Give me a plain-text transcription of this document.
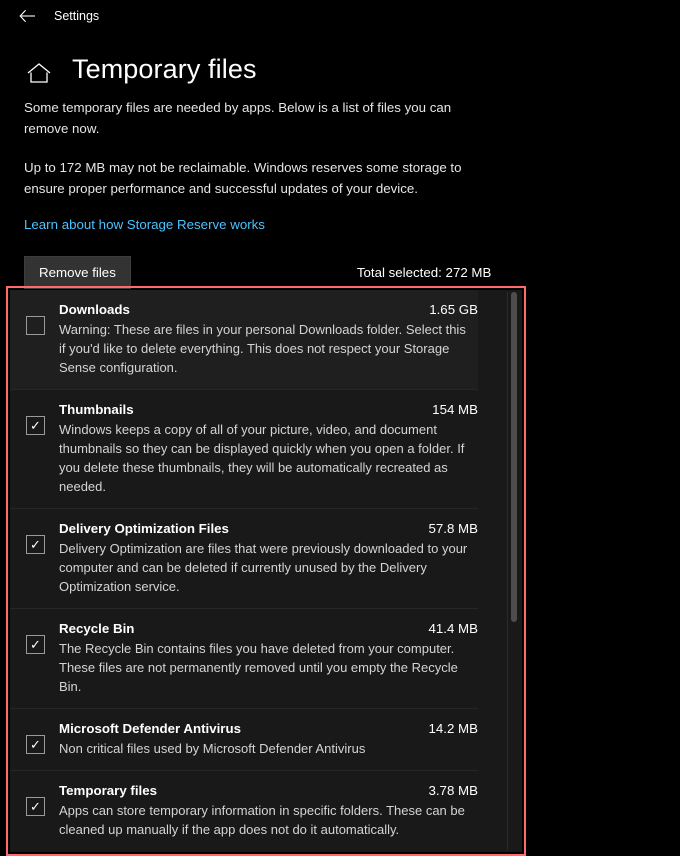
Settings
Temporary files

Some temporary files are needed by apps. Below is a list of files you can remove now.

Up to 172 MB may not be reclaimable. Windows reserves some storage to ensure proper performance and successful updates of your device.

Learn about how Storage Reserve works
Remove files	Total selected: 272 MB
Downloads	1.65 GB
Warning: These are files in your personal Downloads folder. Select this if you'd like to delete everything. This does not respect your Storage Sense configuration.
✓
Thumbnails	154 MB
Windows keeps a copy of all of your picture, video, and document thumbnails so they can be displayed quickly when you open a folder. If you delete these thumbnails, they will be automatically recreated as needed.
✓
Delivery Optimization Files	57.8 MB
Delivery Optimization are files that were previously downloaded to your computer and can be deleted if currently unused by the Delivery Optimization service.
✓
Recycle Bin	41.4 MB
The Recycle Bin contains files you have deleted from your computer. These files are not permanently removed until you empty the Recycle Bin.
✓
Microsoft Defender Antivirus	14.2 MB
Non critical files used by Microsoft Defender Antivirus
✓
Temporary files	3.78 MB
Apps can store temporary information in specific folders. These can be cleaned up manually if the app does not do it automatically.
